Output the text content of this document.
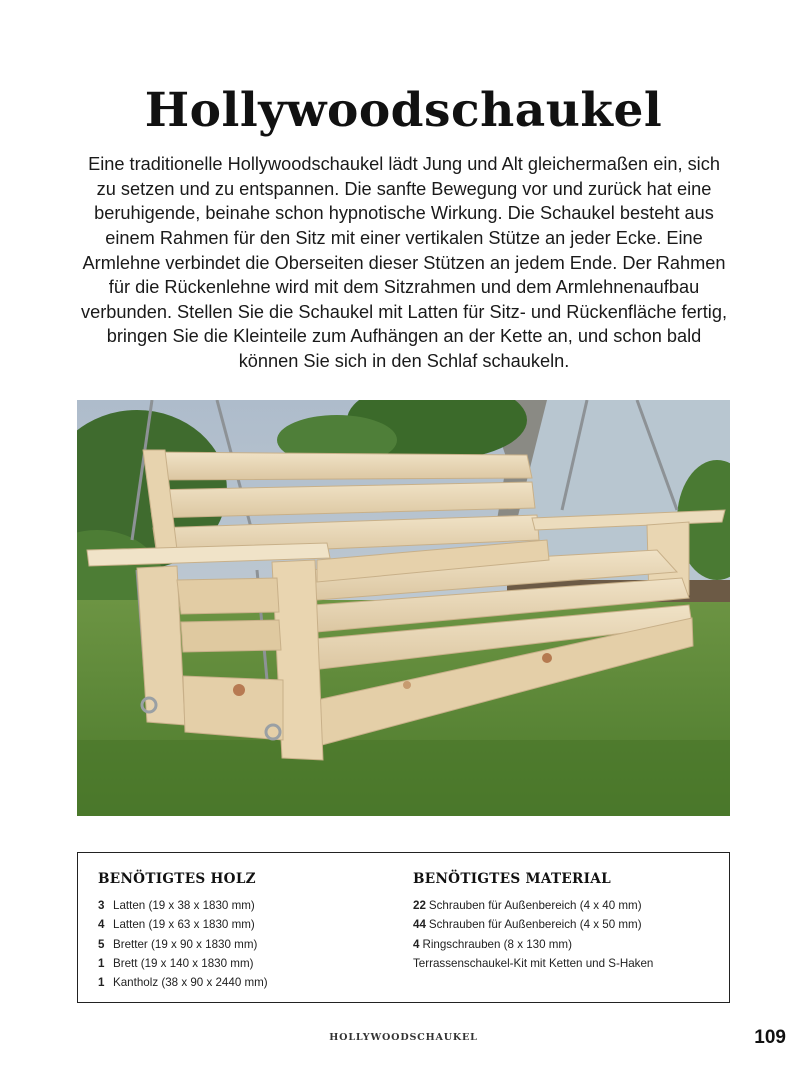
Hollywoodschaukel

Eine traditionelle Hollywoodschaukel lädt Jung und Alt gleichermaßen ein, sich zu setzen und zu entspannen. Die sanfte Bewegung vor und zurück hat eine beruhigende, beinahe schon hypnotische Wirkung. Die Schaukel besteht aus einem Rahmen für den Sitz mit einer vertikalen Stütze an jeder Ecke. Eine Armlehne verbindet die Oberseiten dieser Stützen an jedem Ende. Der Rahmen für die Rückenlehne wird mit dem Sitzrahmen und dem Armlehnenaufbau verbunden. Stellen Sie die Schaukel mit Latten für Sitz- und Rückenfläche fertig, bringen Sie die Kleinteile zum Aufhängen an der Kette an, und schon bald können Sie sich in den Schlaf schaukeln.

BENÖTIGTES HOLZ
3 Latten (19 x 38 x 1830 mm)
4 Latten (19 x 63 x 1830 mm)
5 Bretter (19 x 90 x 1830 mm)
1 Brett (19 x 140 x 1830 mm)
1 Kantholz (38 x 90 x 2440 mm)
BENÖTIGTES MATERIAL
22 Schrauben für Außenbereich (4 x 40 mm)
44 Schrauben für Außenbereich (4 x 50 mm)
4 Ringschrauben (8 x 130 mm)
Terrassenschaukel-Kit mit Ketten und S-Haken
HOLLYWOODSCHAUKEL	109
